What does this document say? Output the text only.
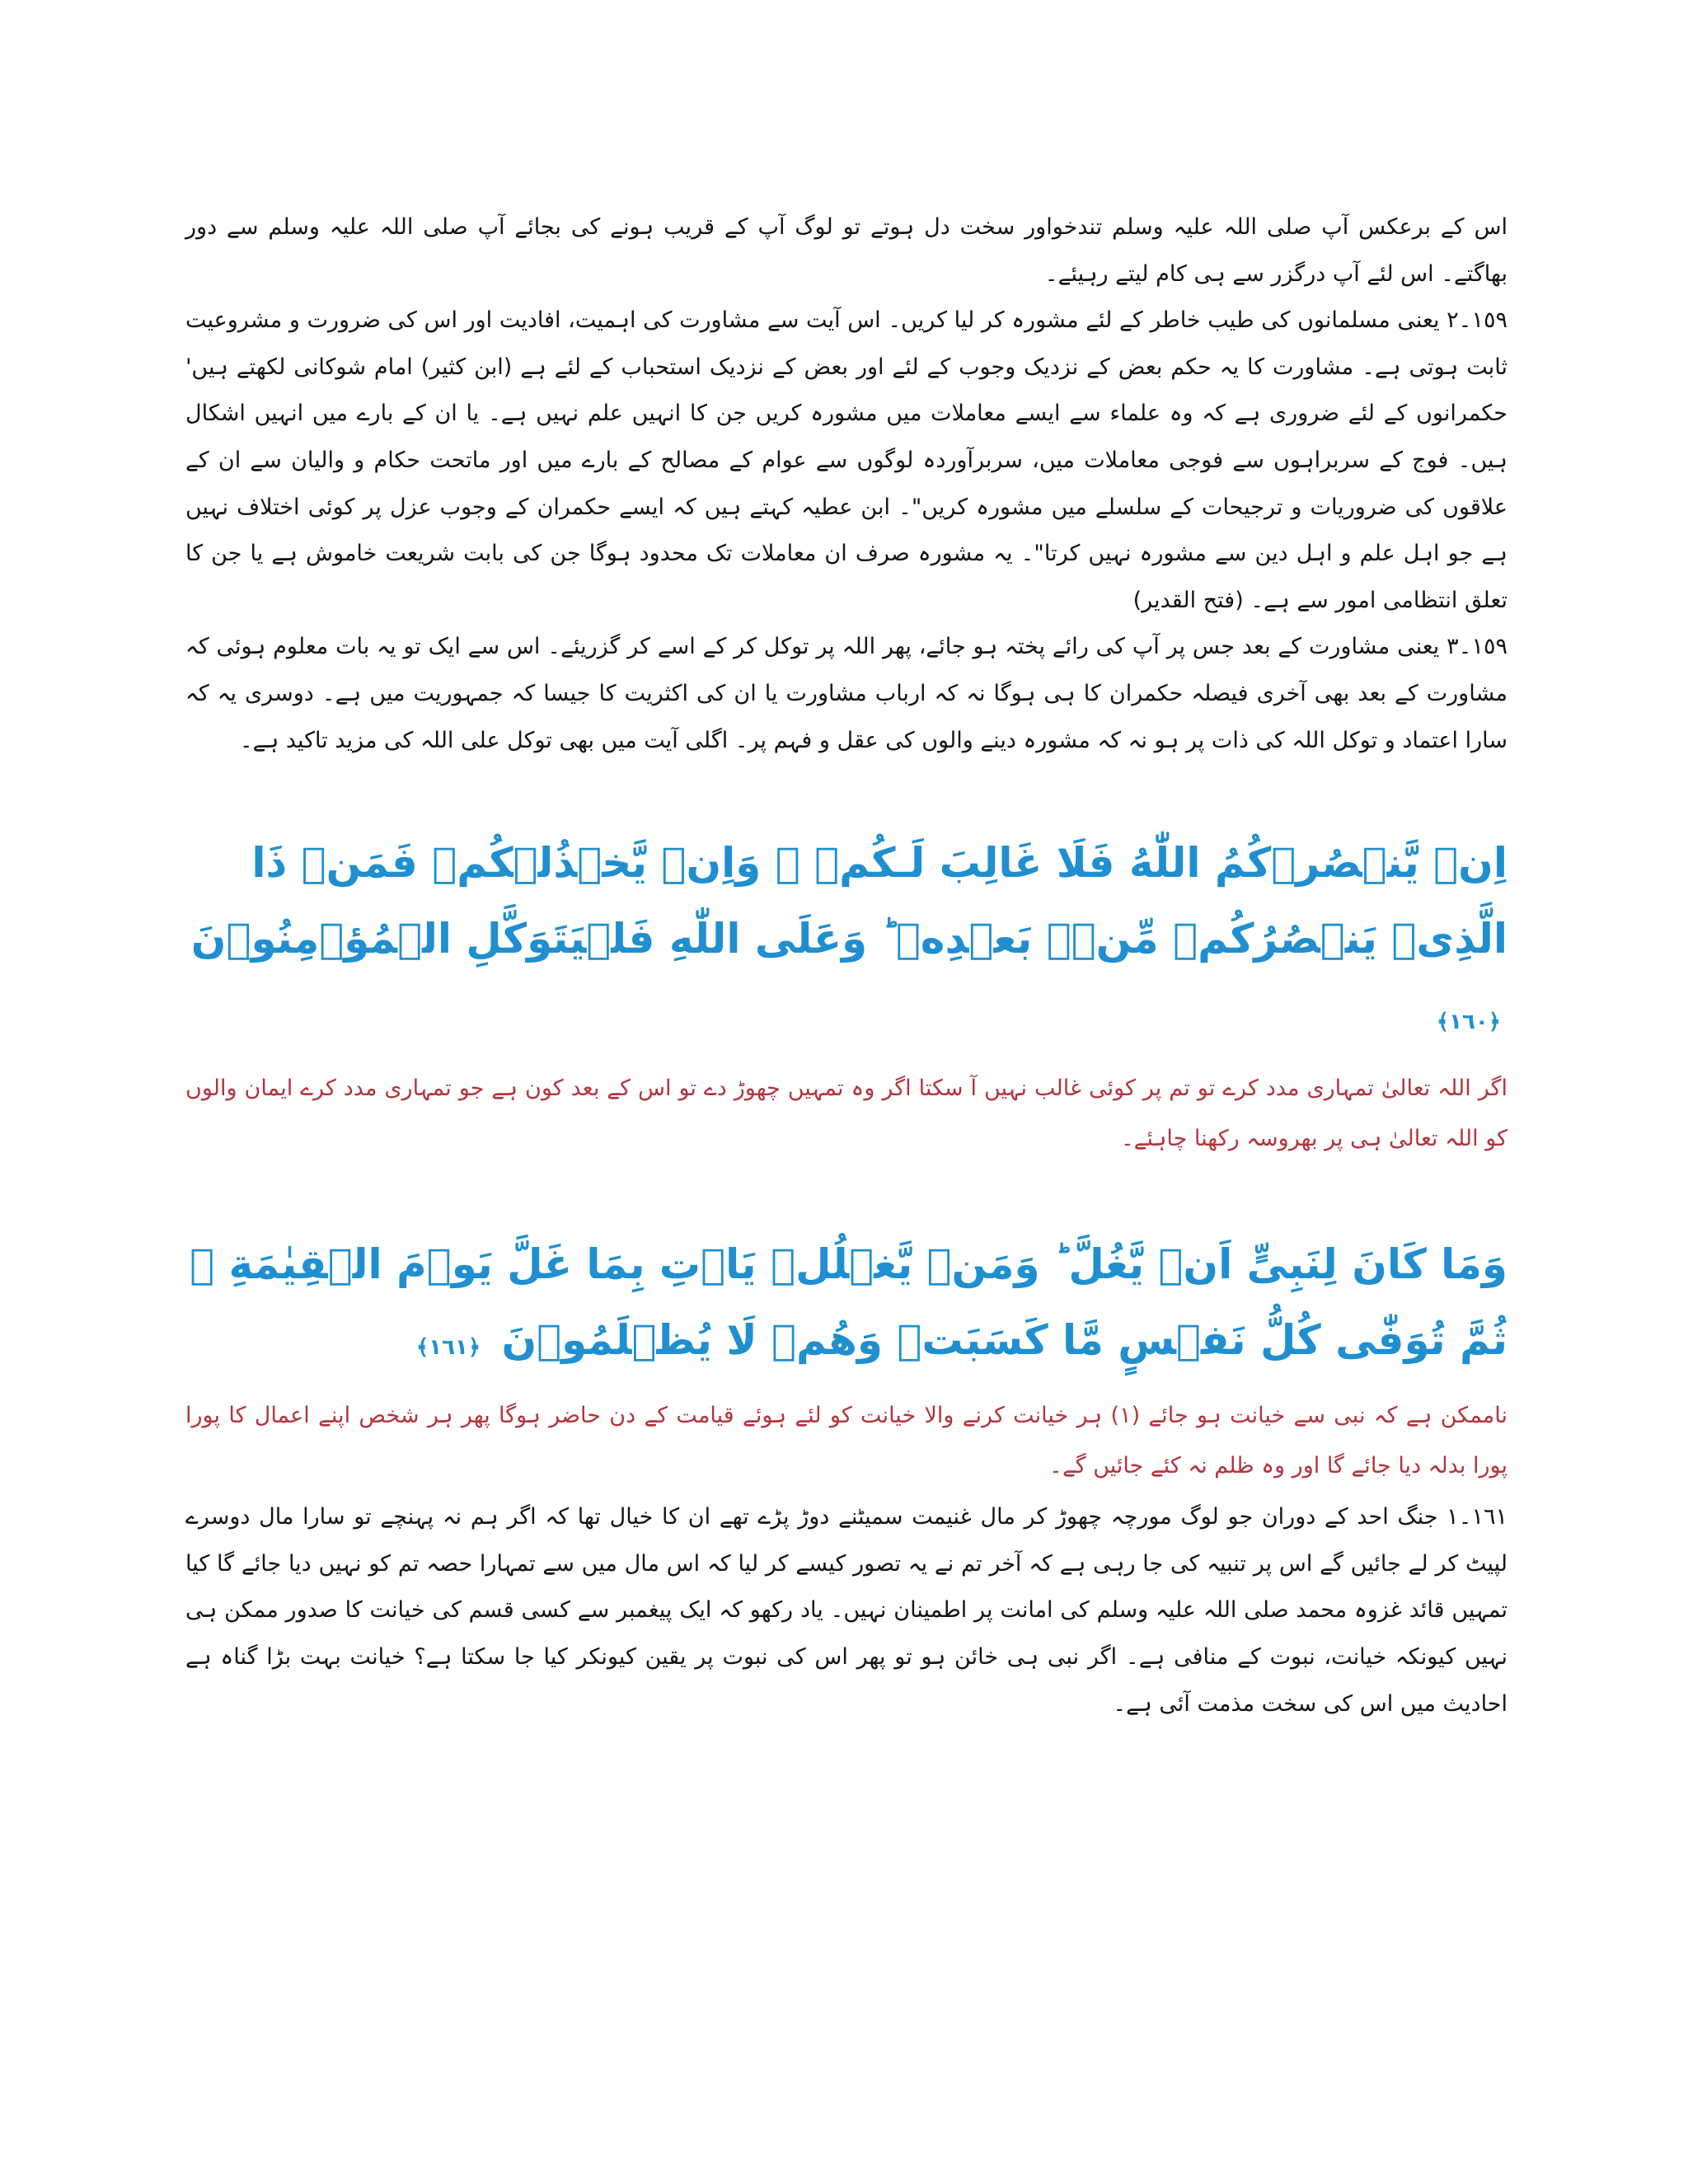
اس کے برعکس آپ صلی اللہ علیہ وسلم تندخواور سخت دل ہوتے تو لوگ آپ کے قریب ہونے کی بجائے آپ صلی اللہ علیہ وسلم سے دور بھاگتے۔ اس لئے آپ درگزر سے ہی کام لیتے رہیئے۔

١٥٩۔٢ یعنی مسلمانوں کی طیب خاطر کے لئے مشورہ کر لیا کریں۔ اس آیت سے مشاورت کی اہمیت، افادیت اور اس کی ضرورت و مشروعیت ثابت ہوتی ہے۔ مشاورت کا یہ حکم بعض کے نزدیک وجوب کے لئے اور بعض کے نزدیک استحباب کے لئے ہے (ابن کثیر) امام شوکانی لکھتے ہیں' حکمرانوں کے لئے ضروری ہے کہ وہ علماء سے ایسے معاملات میں مشورہ کریں جن کا انہیں علم نہیں ہے۔ یا ان کے بارے میں انہیں اشکال ہیں۔ فوج کے سربراہوں سے فوجی معاملات میں، سربرآوردہ لوگوں سے عوام کے مصالح کے بارے میں اور ماتحت حکام و والیان سے ان کے علاقوں کی ضروریات و ترجیحات کے سلسلے میں مشورہ کریں"۔ ابن عطیہ کہتے ہیں کہ ایسے حکمران کے وجوب عزل پر کوئی اختلاف نہیں ہے جو اہل علم و اہل دین سے مشورہ نہیں کرتا"۔ یہ مشورہ صرف ان معاملات تک محدود ہوگا جن کی بابت شریعت خاموش ہے یا جن کا تعلق انتظامی امور سے ہے۔ (فتح القدیر)

١٥٩۔٣ یعنی مشاورت کے بعد جس پر آپ کی رائے پختہ ہو جائے، پھر اللہ پر توکل کر کے اسے کر گزریئے۔ اس سے ایک تو یہ بات معلوم ہوئی کہ مشاورت کے بعد بھی آخری فیصلہ حکمران کا ہی ہوگا نہ کہ ارباب مشاورت یا ان کی اکثریت کا جیسا کہ جمہوریت میں ہے۔ دوسری یہ کہ سارا اعتماد و توکل اللہ کی ذات پر ہو نہ کہ مشورہ دینے والوں کی عقل و فہم پر۔ اگلی آیت میں بھی توکل علی اللہ کی مزید تاکید ہے۔

اِنۡ يَّنۡصُرۡكُمُ اللّٰهُ فَلَا غَالِبَ لَـكُمۡ​ ۚ وَاِنۡ يَّخۡذُلۡكُمۡ فَمَنۡ ذَا الَّذِىۡ يَنۡصُرُكُمۡ مِّنۡۢ بَعۡدِهٖ​ ؕ وَعَلَى اللّٰهِ فَلۡيَتَوَكَّلِ الۡمُؤۡمِنُوۡنَ ﴿١٦٠﴾

اگر اللہ تعالیٰ تمہاری مدد کرے تو تم پر کوئی غالب نہیں آ سکتا اگر وہ تمہیں چھوڑ دے تو اس کے بعد کون ہے جو تمہاری مدد کرے ایمان والوں کو اللہ تعالیٰ ہی پر بھروسہ رکھنا چاہئے۔

وَمَا كَانَ لِنَبِىٍّ اَنۡ يَّغُلَّ​ ؕ وَمَنۡ يَّغۡلُلۡ يَاۡتِ بِمَا غَلَّ يَوۡمَ الۡقِيٰمَةِ​ ۚ ثُمَّ تُوَفّٰى كُلُّ نَفۡسٍ مَّا كَسَبَتۡ وَهُمۡ لَا يُظۡلَمُوۡنَ ﴿١٦١﴾

ناممکن ہے کہ نبی سے خیانت ہو جائے (١) ہر خیانت کرنے والا خیانت کو لئے ہوئے قیامت کے دن حاضر ہوگا پھر ہر شخص اپنے اعمال کا پورا پورا بدلہ دیا جائے گا اور وہ ظلم نہ کئے جائیں گے۔

١٦١۔١ جنگ احد کے دوران جو لوگ مورچہ چھوڑ کر مال غنیمت سمیٹنے دوڑ پڑے تھے ان کا خیال تھا کہ اگر ہم نہ پہنچے تو سارا مال دوسرے لپیٹ کر لے جائیں گے اس پر تنبیہ کی جا رہی ہے کہ آخر تم نے یہ تصور کیسے کر لیا کہ اس مال میں سے تمہارا حصہ تم کو نہیں دیا جائے گا کیا تمہیں قائد غزوہ محمد صلی اللہ علیہ وسلم کی امانت پر اطمینان نہیں۔ یاد رکھو کہ ایک پیغمبر سے کسی قسم کی خیانت کا صدور ممکن ہی نہیں کیونکہ خیانت، نبوت کے منافی ہے۔ اگر نبی ہی خائن ہو تو پھر اس کی نبوت پر یقین کیونکر کیا جا سکتا ہے؟ خیانت بہت بڑا گناہ ہے احادیث میں اس کی سخت مذمت آئی ہے۔
